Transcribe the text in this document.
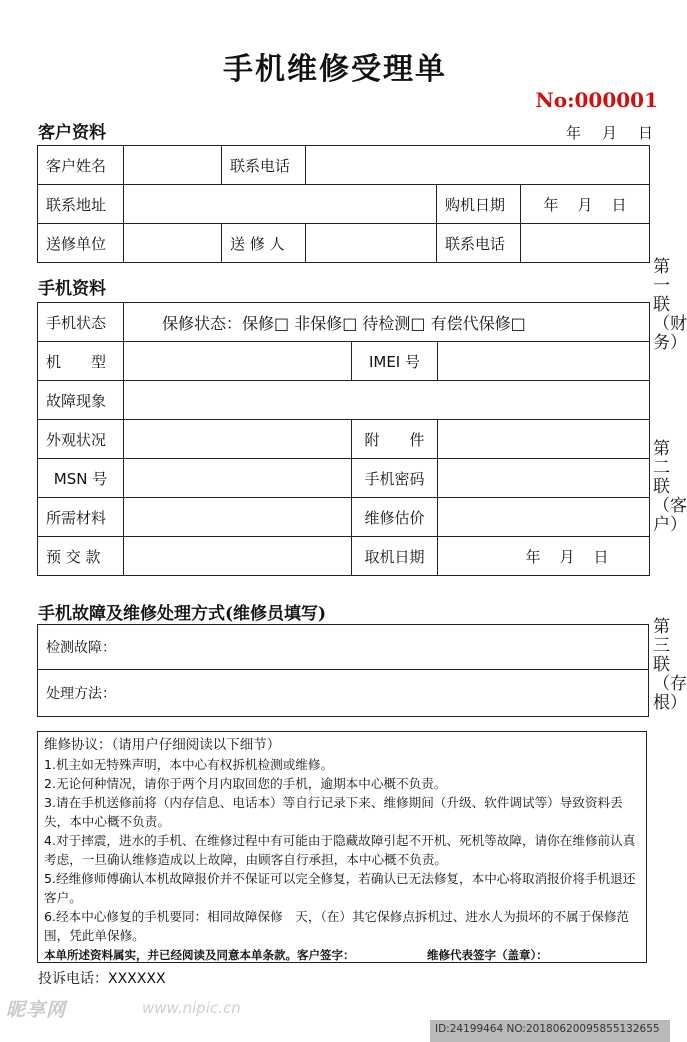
手机维修受理单
No:000001
客户资料	年 月 日
客户姓名		联系电话			
联系地址				购机日期	年 月 日
送修单位		送 修 人		联系电话	
手机资料
手机状态	保修状态：保修□ 非保修□ 待检测□ 有偿代保修□		
机　　型		IMEI 号	
故障现象			
外观状况		附　　件	
MSN 号		手机密码	
所需材料		维修估价	
预 交 款		取机日期	年 月 日
手机故障及维修处理方式(维修员填写)
检测故障：
处理方法：
维修协议：（请用户仔细阅读以下细节）
1.机主如无特殊声明，本中心有权拆机检测或维修。
2.无论何种情况，请你于两个月内取回您的手机，逾期本中心概不负责。
3.请在手机送修前将（内存信息、电话本）等自行记录下来、维修期间（升级、软件调试等）导致资料丢失，本中心概不负责。
4.对于摔震，进水的手机、在维修过程中有可能由于隐藏故障引起不开机、死机等故障，请你在维修前认真考虑，一旦确认维修造成以上故障，由顾客自行承担，本中心概不负责。
5.经维修师傅确认本机故障报价并不保证可以完全修复，若确认已无法修复，本中心将取消报价将手机退还客户。
6.经本中心修复的手机要同：相同故障保修　天，（在）其它保修点拆机过、进水人为损坏的不属于保修范围，凭此单保修。
本单所述资料属实，并已经阅读及同意本单条款。客户签字：	维修代表签字（盖章）：
投诉电话：XXXXXX
第一联（财务）
第二联（客户）
第三联（存根）
昵享网	www.nipic.cn
ID:24199464 NO:20180620095855132655
